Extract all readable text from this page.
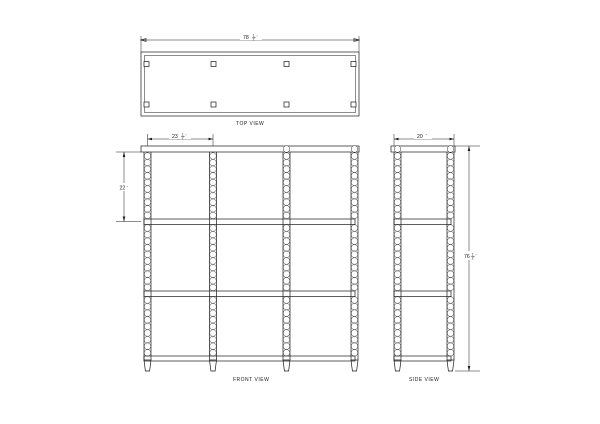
78 1
2
"
TOP VIEW
23 1
2
"
22 "
FRONT VIEW
20 "
76 1
2
"
SIDE VIEW
